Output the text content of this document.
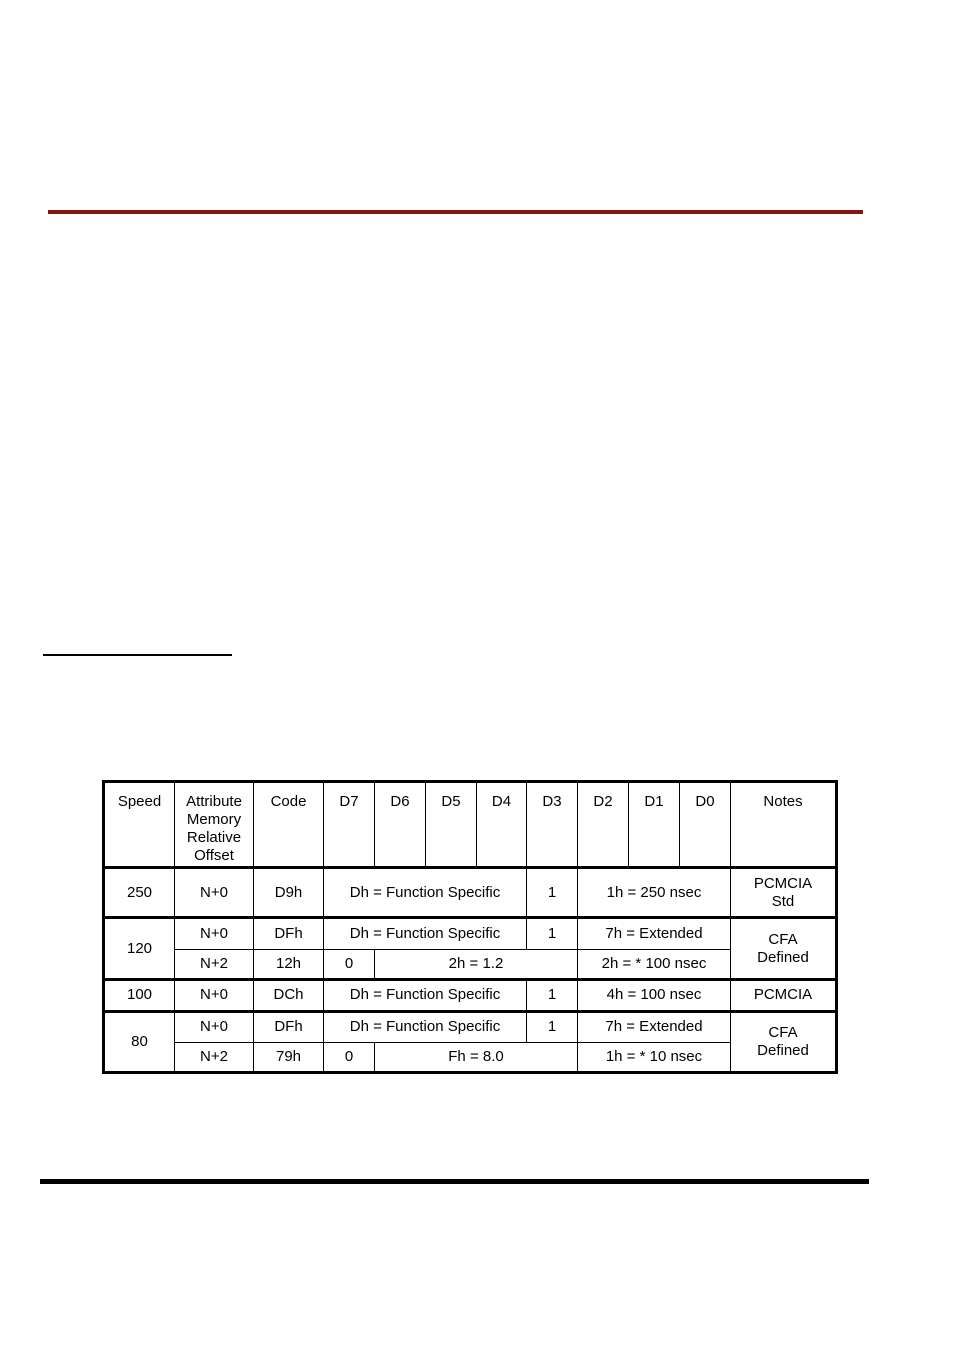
Speed	Attribute
Memory
Relative
Offset	Code	D7	D6	D5	D4	D3	D2	D1	D0	Notes
250	N+0	D9h	Dh = Function Specific				1	1h = 250 nsec			PCMCIA
Std

120	N+0	DFh	Dh = Function Specific				1	7h = Extended			CFA
Defined

	N+2	12h	0	2h = 1.2				2h = * 100 nsec			
100	N+0	DCh	Dh = Function Specific				1	4h = 100 nsec			PCMCIA
80	N+0	DFh	Dh = Function Specific				1	7h = Extended			CFA
Defined

	N+2	79h	0	Fh = 8.0				1h = * 10 nsec			
